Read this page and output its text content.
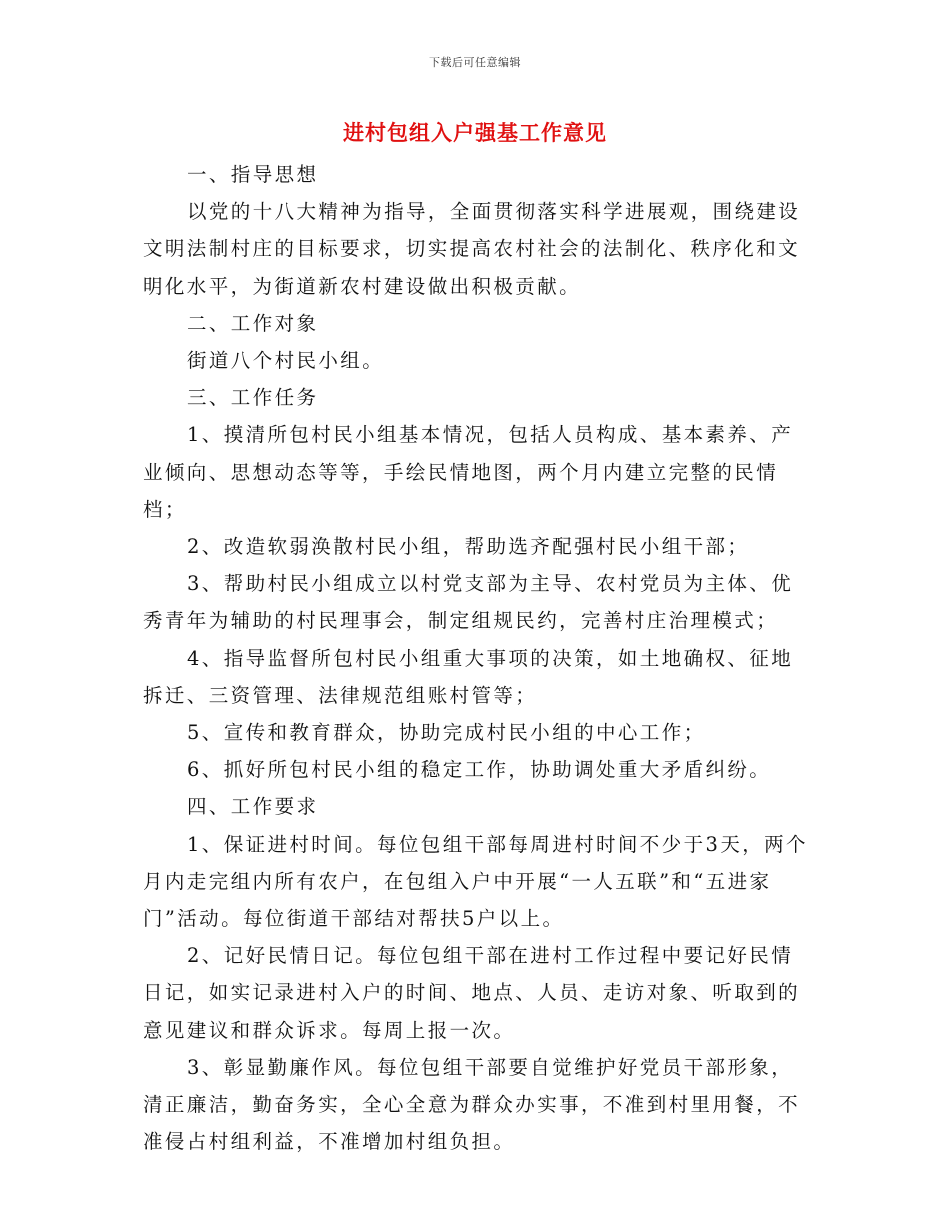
下载后可任意编辑
进村包组入户强基工作意见

一、指导思想

以党的十八大精神为指导，全面贯彻落实科学进展观，围绕建设文明法制村庄的目标要求，切实提高农村社会的法制化、秩序化和文明化水平，为街道新农村建设做出积极贡献。

二、工作对象

街道八个村民小组。

三、工作任务

1、摸清所包村民小组基本情况，包括人员构成、基本素养、产业倾向、思想动态等等，手绘民情地图，两个月内建立完整的民情档；

2、改造软弱涣散村民小组，帮助选齐配强村民小组干部；

3、帮助村民小组成立以村党支部为主导、农村党员为主体、优秀青年为辅助的村民理事会，制定组规民约，完善村庄治理模式；

4、指导监督所包村民小组重大事项的决策，如土地确权、征地拆迁、三资管理、法律规范组账村管等；

5、宣传和教育群众，协助完成村民小组的中心工作；

6、抓好所包村民小组的稳定工作，协助调处重大矛盾纠纷。

四、工作要求

1、保证进村时间。每位包组干部每周进村时间不少于3天，两个月内走完组内所有农户，在包组入户中开展“一人五联”和“五进家门”活动。每位街道干部结对帮扶5户以上。

2、记好民情日记。每位包组干部在进村工作过程中要记好民情日记，如实记录进村入户的时间、地点、人员、走访对象、听取到的意见建议和群众诉求。每周上报一次。

3、彰显勤廉作风。每位包组干部要自觉维护好党员干部形象，清正廉洁，勤奋务实，全心全意为群众办实事，不准到村里用餐，不准侵占村组利益，不准增加村组负担。
